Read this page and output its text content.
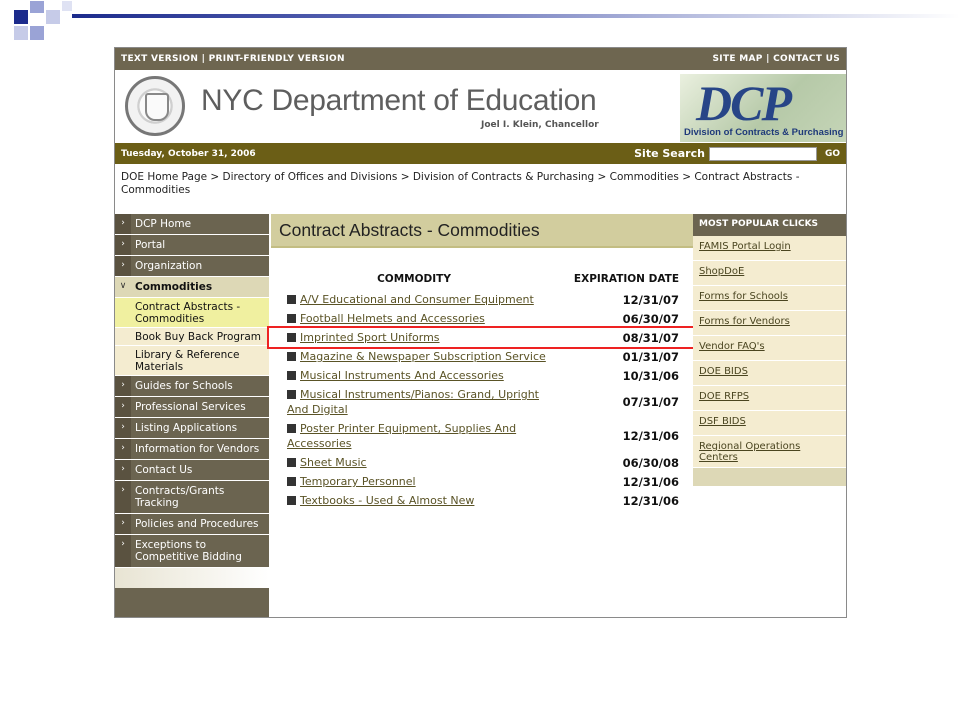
TEXT VERSION | PRINT-FRIENDLY VERSION	SITE MAP | CONTACT US
NYC Department of Education
Joel I. Klein, Chancellor DCP
Division of Contracts & Purchasing
Tuesday, October 31, 2006	Site Search	GO
DOE Home Page > Directory of Offices and Divisions > Division of Contracts & Purchasing > Commodities > Contract Abstracts - Commodities
› DCP Home
› Portal
› Organization
∨ Commodities
Contract Abstracts - Commodities
Book Buy Back Program
Library & Reference Materials
› Guides for Schools
› Professional Services
› Listing Applications
› Information for Vendors
› Contact Us
› Contracts/Grants Tracking
› Policies and Procedures
› Exceptions to Competitive Bidding
Contract Abstracts - Commodities
COMMODITY	EXPIRATION DATE
A/V Educational and Consumer Equipment	12/31/07
Football Helmets and Accessories	06/30/07
Imprinted Sport Uniforms	08/31/07
Magazine & Newspaper Subscription Service	01/31/07
Musical Instruments And Accessories	10/31/06
Musical Instruments/Pianos: Grand, Upright And Digital	07/31/07
Poster Printer Equipment, Supplies And Accessories	12/31/06
Sheet Music	06/30/08
Temporary Personnel	12/31/06
Textbooks - Used & Almost New	12/31/06
MOST POPULAR CLICKS
FAMIS Portal Login
ShopDoE
Forms for Schools
Forms for Vendors
Vendor FAQ's
DOE BIDS
DOE RFPS
DSF BIDS
Regional Operations Centers
